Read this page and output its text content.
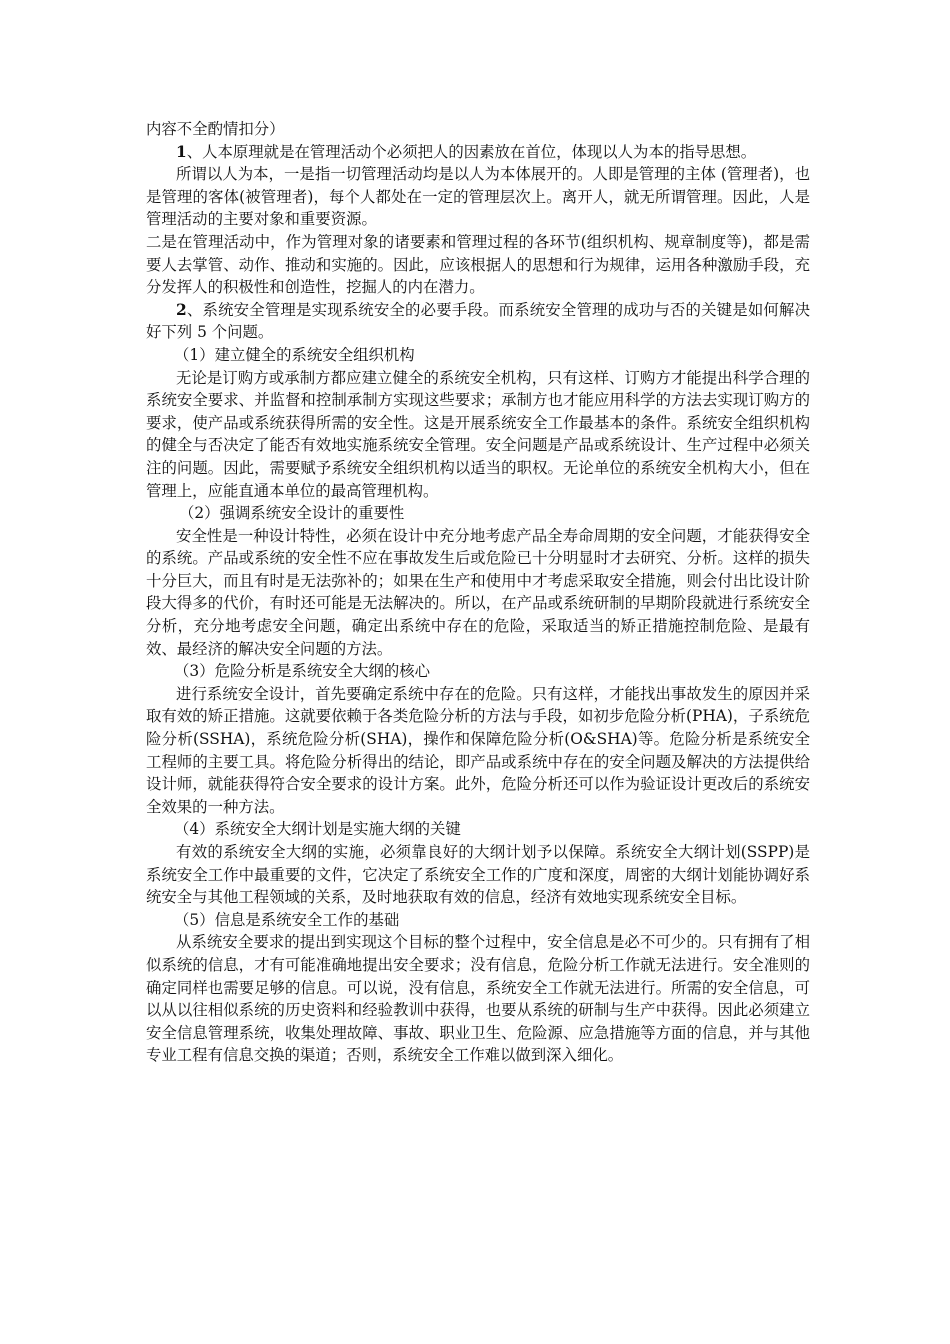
内容不全酌情扣分）

1、人本原理就是在管理活动个必须把人的因素放在首位，体现以人为本的指导思想。

所谓以人为本，一是指一切管理活动均是以人为本体展开的。人即是管理的主体 (管理者)，也是管理的客体(被管理者)，每个人都处在一定的管理层次上。离开人，就无所谓管理。因此，人是管理活动的主要对象和重要资源。

二是在管理活动中，作为管理对象的诸要素和管理过程的各环节(组织机构、规章制度等)，都是需要人去掌管、动作、推动和实施的。因此，应该根据人的思想和行为规律，运用各种激励手段，充分发挥人的积极性和创造性，挖掘人的内在潜力。

2、系统安全管理是实现系统安全的必要手段。而系统安全管理的成功与否的关键是如何解决好下列 5 个问题。

（1）建立健全的系统安全组织机构

无论是订购方或承制方都应建立健全的系统安全机构，只有这样、订购方才能提出科学合理的系统安全要求、并监督和控制承制方实现这些要求；承制方也才能应用科学的方法去实现订购方的要求，使产品或系统获得所需的安全性。这是开展系统安全工作最基本的条件。系统安全组织机构的健全与否决定了能否有效地实施系统安全管理。安全问题是产品或系统设计、生产过程中必须关注的问题。因此，需要赋予系统安全组织机构以适当的职权。无论单位的系统安全机构大小，但在管理上，应能直通本单位的最高管理机构。

（2）强调系统安全设计的重要性

安全性是一种设计特性，必须在设计中充分地考虑产品全寿命周期的安全问题，才能获得安全的系统。产品或系统的安全性不应在事故发生后或危险已十分明显时才去研究、分析。这样的损失十分巨大，而且有时是无法弥补的；如果在生产和使用中才考虑采取安全措施，则会付出比设计阶段大得多的代价，有时还可能是无法解决的。所以，在产品或系统研制的早期阶段就进行系统安全分析，充分地考虑安全问题，确定出系统中存在的危险，采取适当的矫正措施控制危险、是最有效、最经济的解决安全问题的方法。

（3）危险分析是系统安全大纲的核心

进行系统安全设计，首先要确定系统中存在的危险。只有这样，才能找出事故发生的原因并采取有效的矫正措施。这就要依赖于各类危险分析的方法与手段，如初步危险分析(PHA)，子系统危险分析(SSHA)，系统危险分析(SHA)，操作和保障危险分析(O&SHA)等。危险分析是系统安全工程师的主要工具。将危险分析得出的结论，即产品或系统中存在的安全问题及解决的方法提供给设计师，就能获得符合安全要求的设计方案。此外，危险分析还可以作为验证设计更改后的系统安全效果的一种方法。

（4）系统安全大纲计划是实施大纲的关键

有效的系统安全大纲的实施，必须靠良好的大纲计划予以保障。系统安全大纲计划(SSPP)是系统安全工作中最重要的文件，它决定了系统安全工作的广度和深度，周密的大纲计划能协调好系统安全与其他工程领域的关系，及时地获取有效的信息，经济有效地实现系统安全目标。

（5）信息是系统安全工作的基础

从系统安全要求的提出到实现这个目标的整个过程中，安全信息是必不可少的。只有拥有了相似系统的信息，才有可能准确地提出安全要求；没有信息，危险分析工作就无法进行。安全准则的确定同样也需要足够的信息。可以说，没有信息，系统安全工作就无法进行。所需的安全信息，可以从以往相似系统的历史资料和经验教训中获得，也要从系统的研制与生产中获得。因此必须建立安全信息管理系统，收集处理故障、事故、职业卫生、危险源、应急措施等方面的信息，并与其他专业工程有信息交换的渠道；否则，系统安全工作难以做到深入细化。
